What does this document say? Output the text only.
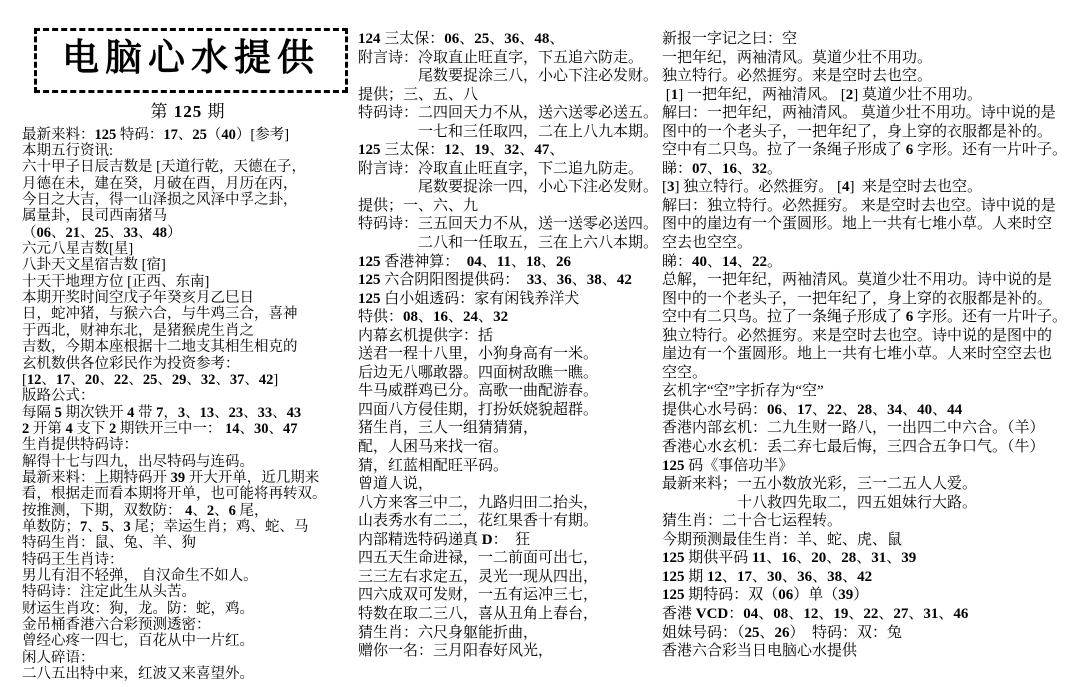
电脑心水提供
第 125 期
最新来料：125 特码：17、25（40）[参考]
本期五行资讯:
六十甲子日辰吉数是 [天道行乾，天德在子，
月德在未，建在癸，月破在酉，月历在丙，
今日之大吉，得一山泽损之风泽中孚之卦，
属量卦，艮司西南猪马
（06、21、25、33、48）
六元八星吉数[星]
八卦天文星宿吉数 [宿]
十天干地理方位 [正西、东南]
本期开奖时间空戊子年癸亥月乙巳日
日，蛇冲猪，与猴六合，与牛鸡三合，喜神
于西北，财神东北，是猪猴虎生肖之
吉数，今期本座根据十二地支其相生相克的
玄机数供各位彩民作为投资参考：
[12、17、20、22、25、29、32、37、42]
版路公式：
每隔 5 期次铁开 4 带 7，3、13、23、33、43
2 开第 4 支下 2 期铁开三中一： 14、30、47
生肖提供特码诗：
解得十七与四九，出尽特码与连码。
最新来料：上期特码开 39 开大开单，近几期来
看，根据走而看本期将开单，也可能将再转双。
按推测，下期，双数防： 4、2、6 尾，
单数防；7、5、3 尾；幸运生肖；鸡、蛇、马
特码生肖：鼠、兔、羊、狗
特码王生肖诗：
男儿有泪不轻弹， 自汉命生不如人。
特码诗：注定此生从头苦。
财运生肖攻：狗，龙。防：蛇，鸡。
金吊桶香港六合彩预测透密：
曾经心疼一四七，百花从中一片红。
闲人碎语：
二八五出特中来，红波又来喜望外。
124 三太保：06、25、36、48、
附言诗：冷取直止旺直字，下五追六防走。
　　　　尾数要捉涂三八，小心下注必发财。
提供；三、五、八
特码诗：二四回天力不从，送六送零必送五。
　　　　一七和三任取四，二在上八九本期。
125 三太保：12、19、32、47、
附言诗：冷取直止旺直字，下二追九防走。
　　　　尾数要捉涂一四，小心下注必发财。
提供；一、六、九
特码诗：三五回天力不从，送一送零必送四。
　　　　二八和一任取五，三在上六八本期。
125 香港神算：　04、11、18、26
125 六合阴阳图提供码：　33、36、38、42
125 白小姐透码：家有闲钱养洋犬
特供：08、16、24、32
内幕玄机提供字：括
送君一程十八里，小狗身高有一米。
后边无八哪敢器。四面树敌瞧一瞧。
牛马威群鸡已分。高歌一曲配游春。
四面八方侵佳期，打扮妖娆貌超群。
猪生肖，三人一组猜猜猜，
配，人困马来找一宿。
猜，红蓝相配旺平码。
曾道人说，
八方来客三中二，九路归田二抬头，
山表秀水有二二，花红果香十有期。
内部精选特码递真 D：　狂
四五天生命进禄，一二前面可出七，
三三左右求定五，灵光一现从四出，
四六成双可发财，一五有运冲三七，
特数在取二三八，喜从丑角上春台，
猜生肖：六尺身躯能折曲，
赠你一名：三月阳春好风光，
新报一字记之曰：空
一把年纪，两袖清风。莫道少壮不用功。
独立特行。必然捱穷。来是空时去也空。
[1] 一把年纪，两袖清风。 [2] 莫道少壮不用功。
解曰：一把年纪，两袖清风。 莫道少壮不用功。诗中说的是
图中的一个老头子，一把年纪了，身上穿的衣服都是补的。
空中有二只鸟。拉了一条绳子形成了 6 字形。还有一片叶子。
睇：07、16、32。
[3] 独立特行。必然捱穷。 [4]  来是空时去也空。
解曰：独立特行。必然捱穷。 来是空时去也空。诗中说的是
图中的崖边有一个蛋圆形。地上一共有七堆小草。人来时空
空去也空空。
睇：40、14、22。
总解，一把年纪，两袖清风。莫道少壮不用功。诗中说的是
图中的一个老头子，一把年纪了，身上穿的衣服都是补的。
空中有二只鸟。拉了一条绳子形成了 6 字形。还有一片叶子。
独立特行。必然捱穷。来是空时去也空。诗中说的是图中的
崖边有一个蛋圆形。地上一共有七堆小草。人来时空空去也
空空。
玄机字“空”字折存为“空”
提供心水号码：06、17、22、28、34、40、44
香港内部玄机：二九生财一路八，一出四二中六合。（羊）
香港心水玄机：丢二弃七最后悔，三四合五争口气。（牛）
125 码《事倍功半》
最新来料；一五小数放光彩，三一二五人人爱。
　　　　　十八救四先取二，四五姐妹行大路。
猜生肖：二十合七运程转。
今期预测最佳生肖：羊、蛇、虎、鼠
125 期供平码 11、16、20、28、31、39
125 期 12、17、30、36、38、42
125 期特码：双（06）单（39）
香港 VCD：04、08、12、19、22、27、31、46
姐妹号码：（25、26）　特码：双：兔
香港六合彩当日电脑心水提供
